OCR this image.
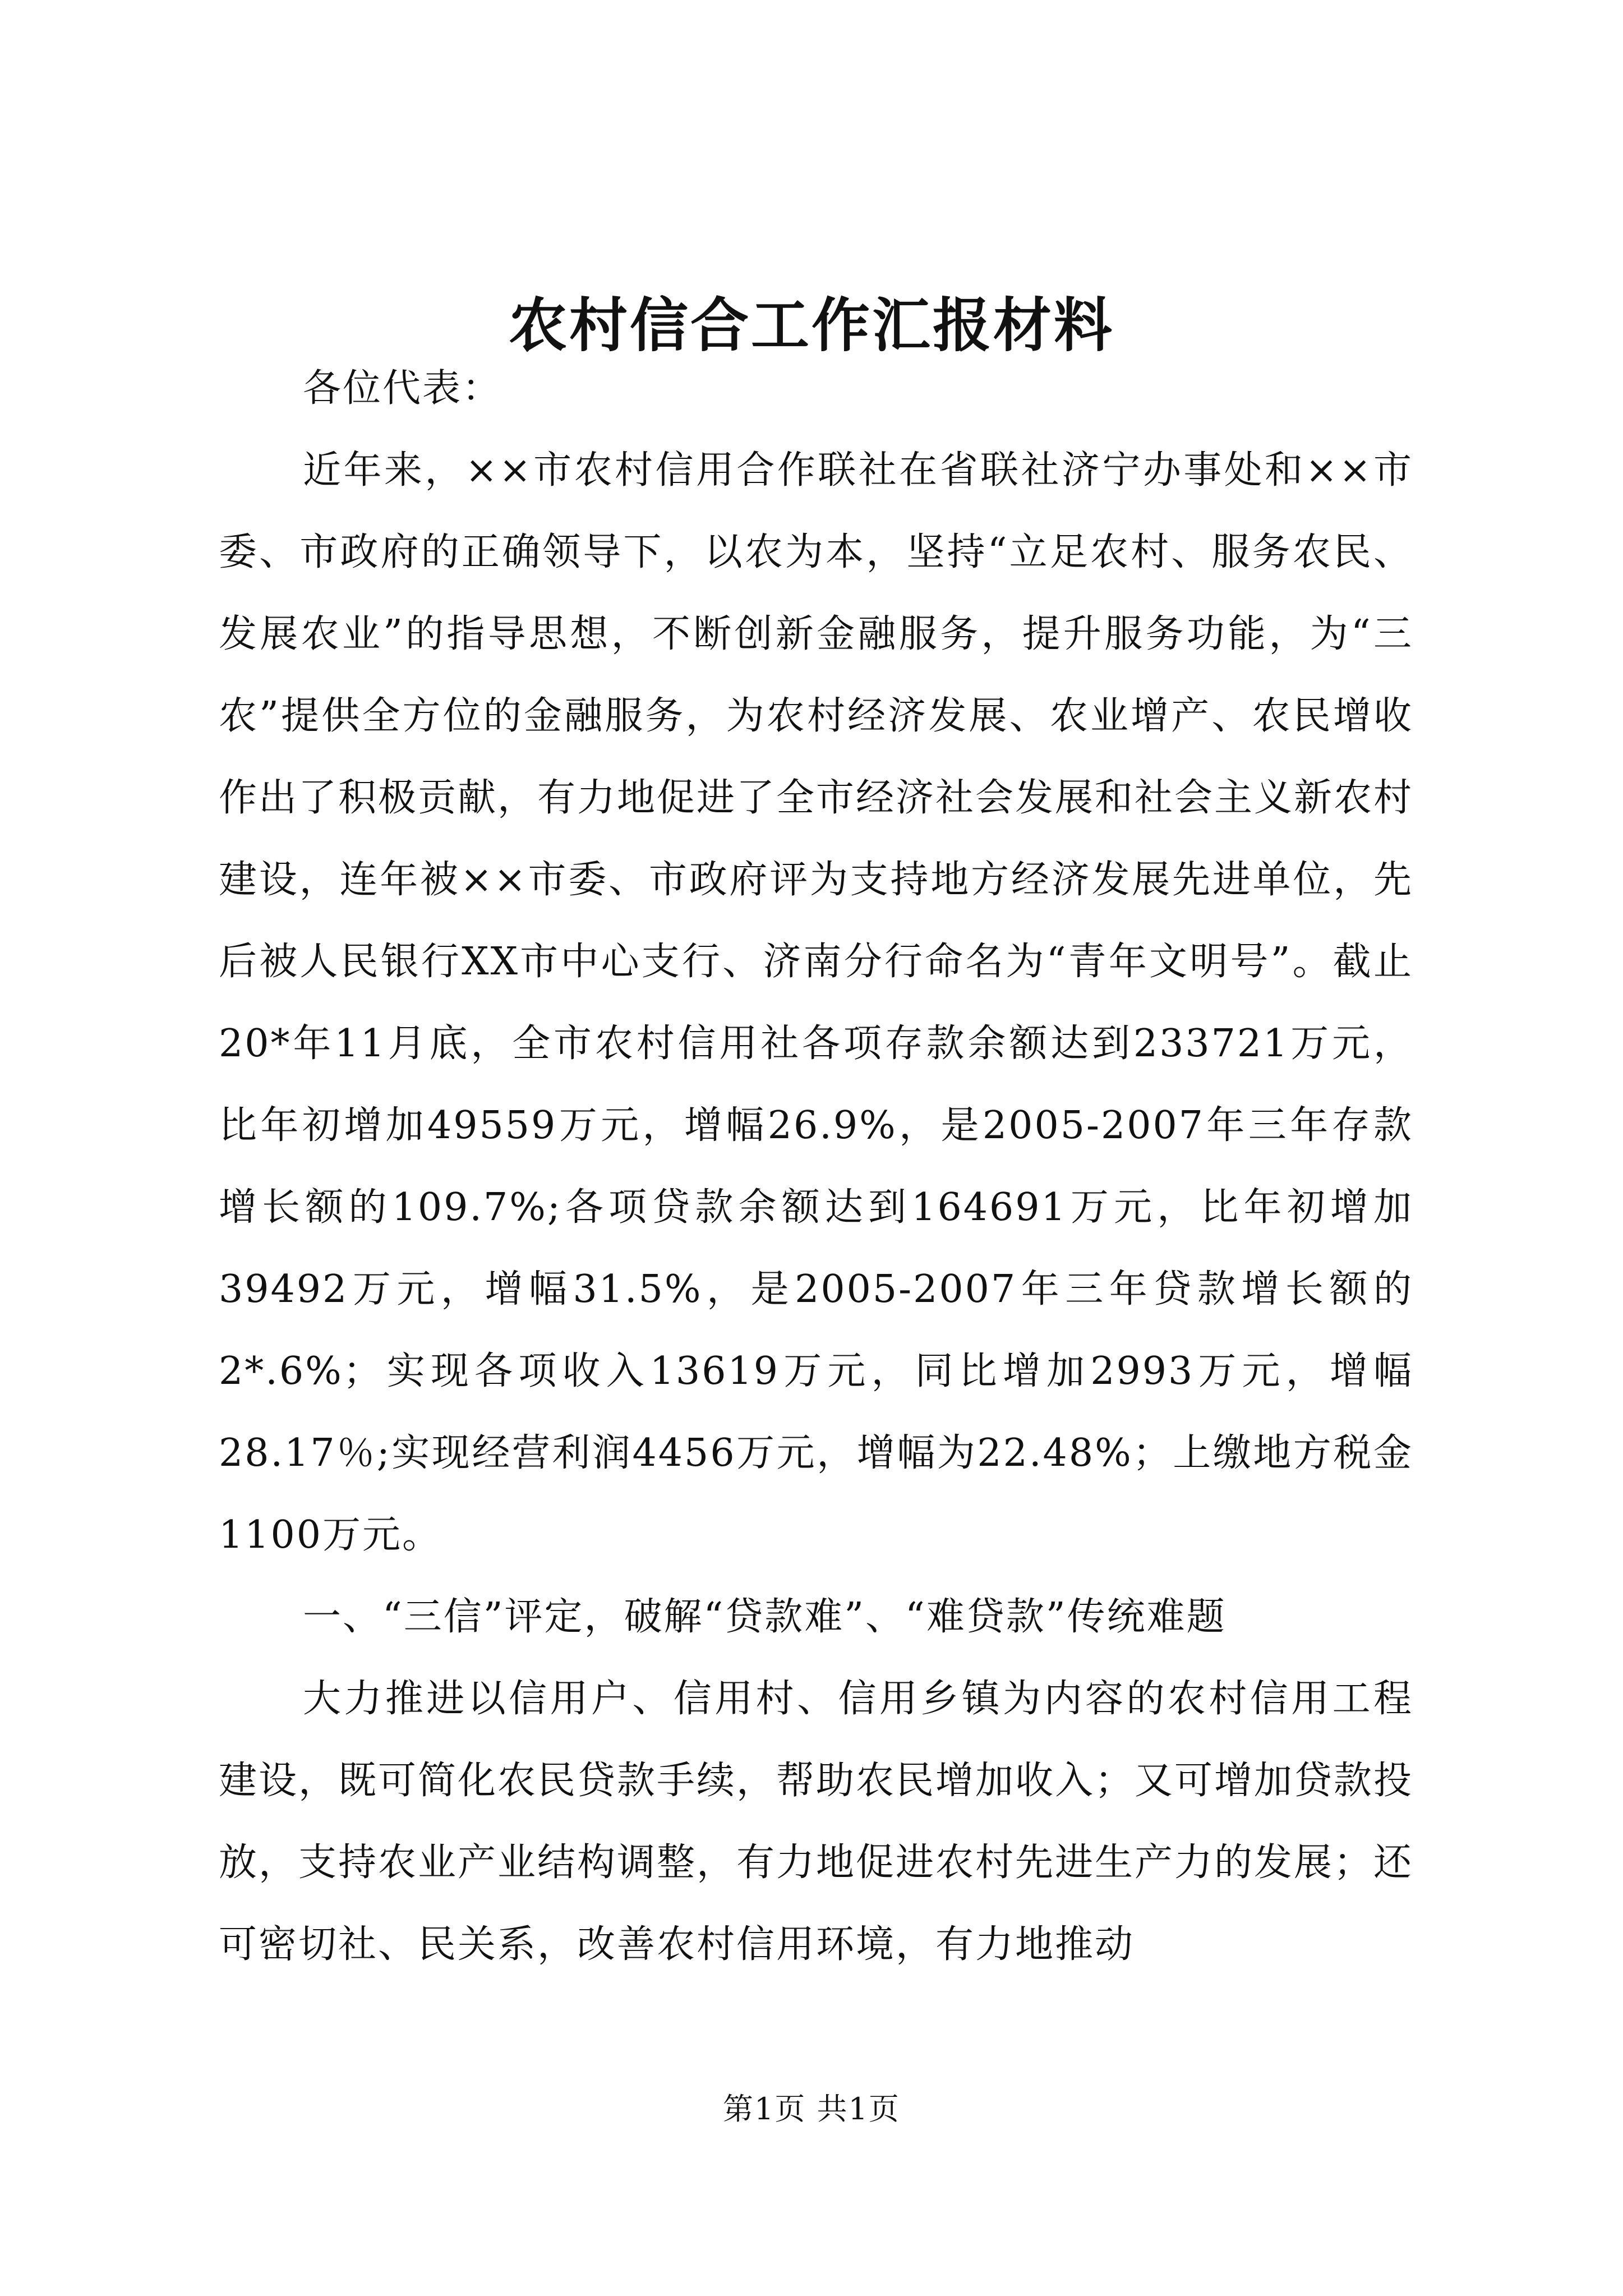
农村信合工作汇报材料

各位代表：

近年来，××市农村信用合作联社在省联社济宁办事处和××市委、市政府的正确领导下，以农为本，坚持“立足农村、服务农民、发展农业”的指导思想，不断创新金融服务，提升服务功能，为“三农”提供全方位的金融服务，为农村经济发展、农业增产、农民增收作出了积极贡献，有力地促进了全市经济社会发展和社会主义新农村建设，连年被××市委、市政府评为支持地方经济发展先进单位，先后被人民银行XX市中心支行、济南分行命名为“青年文明号”。截止20*年11月底，全市农村信用社各项存款余额达到233721万元，比年初增加49559万元，增幅26.9%，是2005-2007年三年存款增长额的109.7%;各项贷款余额达到164691万元，比年初增加39492万元，增幅31.5%，是2005-2007年三年贷款增长额的2*.6%；实现各项收入13619万元，同比增加2993万元，增幅28.17％;实现经营利润4456万元，增幅为22.48%；上缴地方税金1100万元。

一、“三信”评定，破解“贷款难”、“难贷款”传统难题

大力推进以信用户、信用村、信用乡镇为内容的农村信用工程建设，既可简化农民贷款手续，帮助农民增加收入；又可增加贷款投放，支持农业产业结构调整，有力地促进农村先进生产力的发展；还可密切社、民关系，改善农村信用环境，有力地推动

第1页 共1页
